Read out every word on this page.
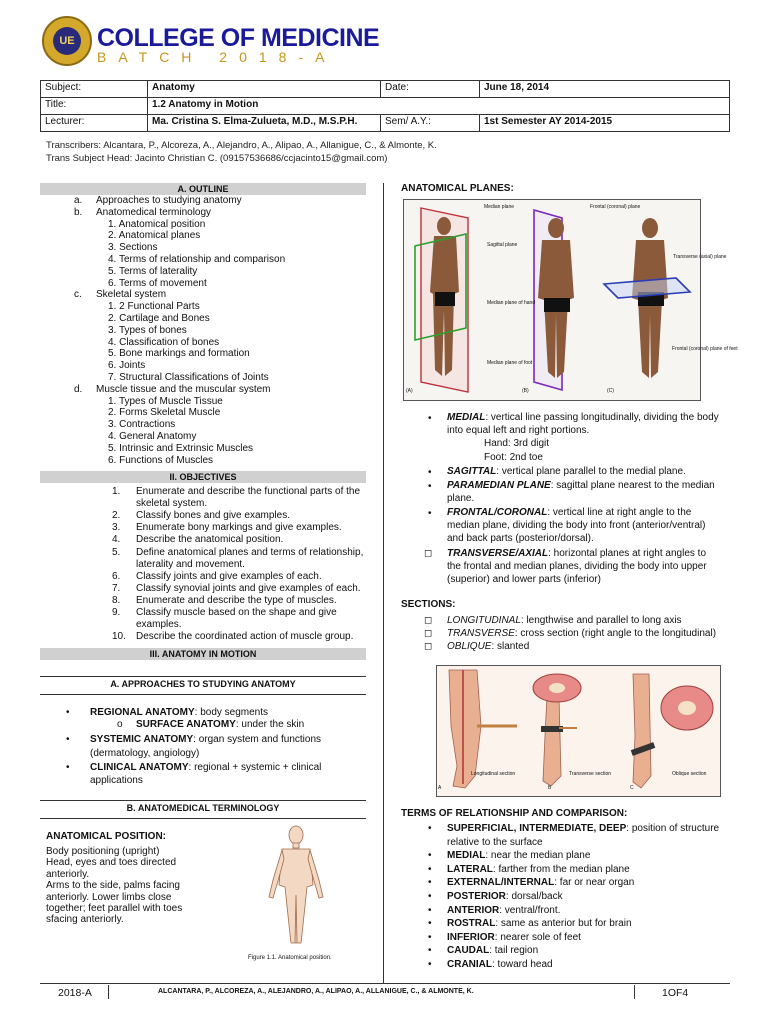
UE COLLEGE OF MEDICINE
BATCH 2018-A
Subject:	Anatomy	Date:	June 18, 2014
Title:	1.2 Anatomy in Motion		
Lecturer:	Ma. Cristina S. Elma-Zulueta, M.D., M.S.P.H.	Sem/ A.Y.:	1st Semester AY 2014-2015
Transcribers: Alcantara, P., Alcoreza, A., Alejandro, A., Alipao, A., Allanigue, C., & Almonte, K.
Trans Subject Head: Jacinto Christian C. (09157536686/ccjacinto15@gmail.com)
A. OUTLINE
a. Approaches to studying anatomy
b. Anatomedical terminology
1. Anatomical position
2. Anatomical planes
3. Sections
4. Terms of relationship and comparison
5. Terms of laterality
6. Terms of movement
c. Skeletal system
1. 2 Functional Parts
2. Cartilage and Bones
3. Types of bones
4. Classification of bones
5. Bone markings and formation
6. Joints
7. Structural Classifications of Joints
d. Muscle tissue and the muscular system
1. Types of Muscle Tissue
2. Forms Skeletal Muscle
3. Contractions
4. General Anatomy
5. Intrinsic and Extrinsic Muscles
6. Functions of Muscles
II. OBJECTIVES
1. Enumerate and describe the functional parts of the
skeletal system.
2. Classify bones and give examples.
3. Enumerate bony markings and give examples.
4. Describe the anatomical position.
5. Define anatomical planes and terms of relationship,
laterality and movement.
6. Classify joints and give examples of each.
7. Classify synovial joints and give examples of each.
8. Enumerate and describe the type of muscles.
9. Classify muscle based on the shape and give
examples.
10. Describe the coordinated action of muscle group.
III. ANATOMY IN MOTION
A. APPROACHES TO STUDYING ANATOMY
• REGIONAL ANATOMY: body segments
o SURFACE ANATOMY: under the skin
• SYSTEMIC ANATOMY: organ system and functions
(dermatology, angiology)
• CLINICAL ANATOMY: regional + systemic + clinical
applications
B. ANATOMEDICAL TERMINOLOGY
ANATOMICAL POSITION:
Body positioning (upright)
Head, eyes and toes directed
anteriorly.
Arms to the side, palms facing
anteriorly. Lower limbs close
together; feet parallel with toes
sfacing anteriorly.
Figure 1.1. Anatomical position.
ANATOMICAL PLANES:
Median plane
Sagittal plane
Median plane of hand
Median plane of foot
Frontal (coronal) plane
Transverse (axial) plane
Frontal (coronal) plane of feet
(A)	(B)	(C)
• MEDIAL: vertical line passing longitudinally, dividing the body
into equal left and right portions.
Hand: 3rd digit
Foot: 2nd toe
• SAGITTAL: vertical plane parallel to the medial plane.
• PARAMEDIAN PLANE: sagittal plane nearest to the median
plane.
• FRONTAL/CORONAL: vertical line at right angle to the
median plane, dividing the body into front (anterior/ventral)
and back parts (posterior/dorsal).
◻ TRANSVERSE/AXIAL: horizontal planes at right angles to
the frontal and median planes, dividing the body into upper
(superior) and lower parts (inferior)
SECTIONS:
◻ LONGITUDINAL: lengthwise and parallel to long axis
◻ TRANSVERSE: cross section (right angle to the longitudinal)
◻ OBLIQUE: slanted
Longitudinal section	Transverse section	Oblique section
A	B	C
TERMS OF RELATIONSHIP AND COMPARISON:
• SUPERFICIAL, INTERMEDIATE, DEEP: position of structure
relative to the surface
• MEDIAL: near the median plane
• LATERAL: farther from the median plane
• EXTERNAL/INTERNAL: far or near organ
• POSTERIOR: dorsal/back
• ANTERIOR: ventral/front.
• ROSTRAL: same as anterior but for brain
• INFERIOR: nearer sole of feet
• CAUDAL: tail region
• CRANIAL: toward head
2018-A	ALCANTARA, P., ALCOREZA, A., ALEJANDRO, A., ALIPAO, A., ALLANIGUE, C., & ALMONTE, K.	1OF4
